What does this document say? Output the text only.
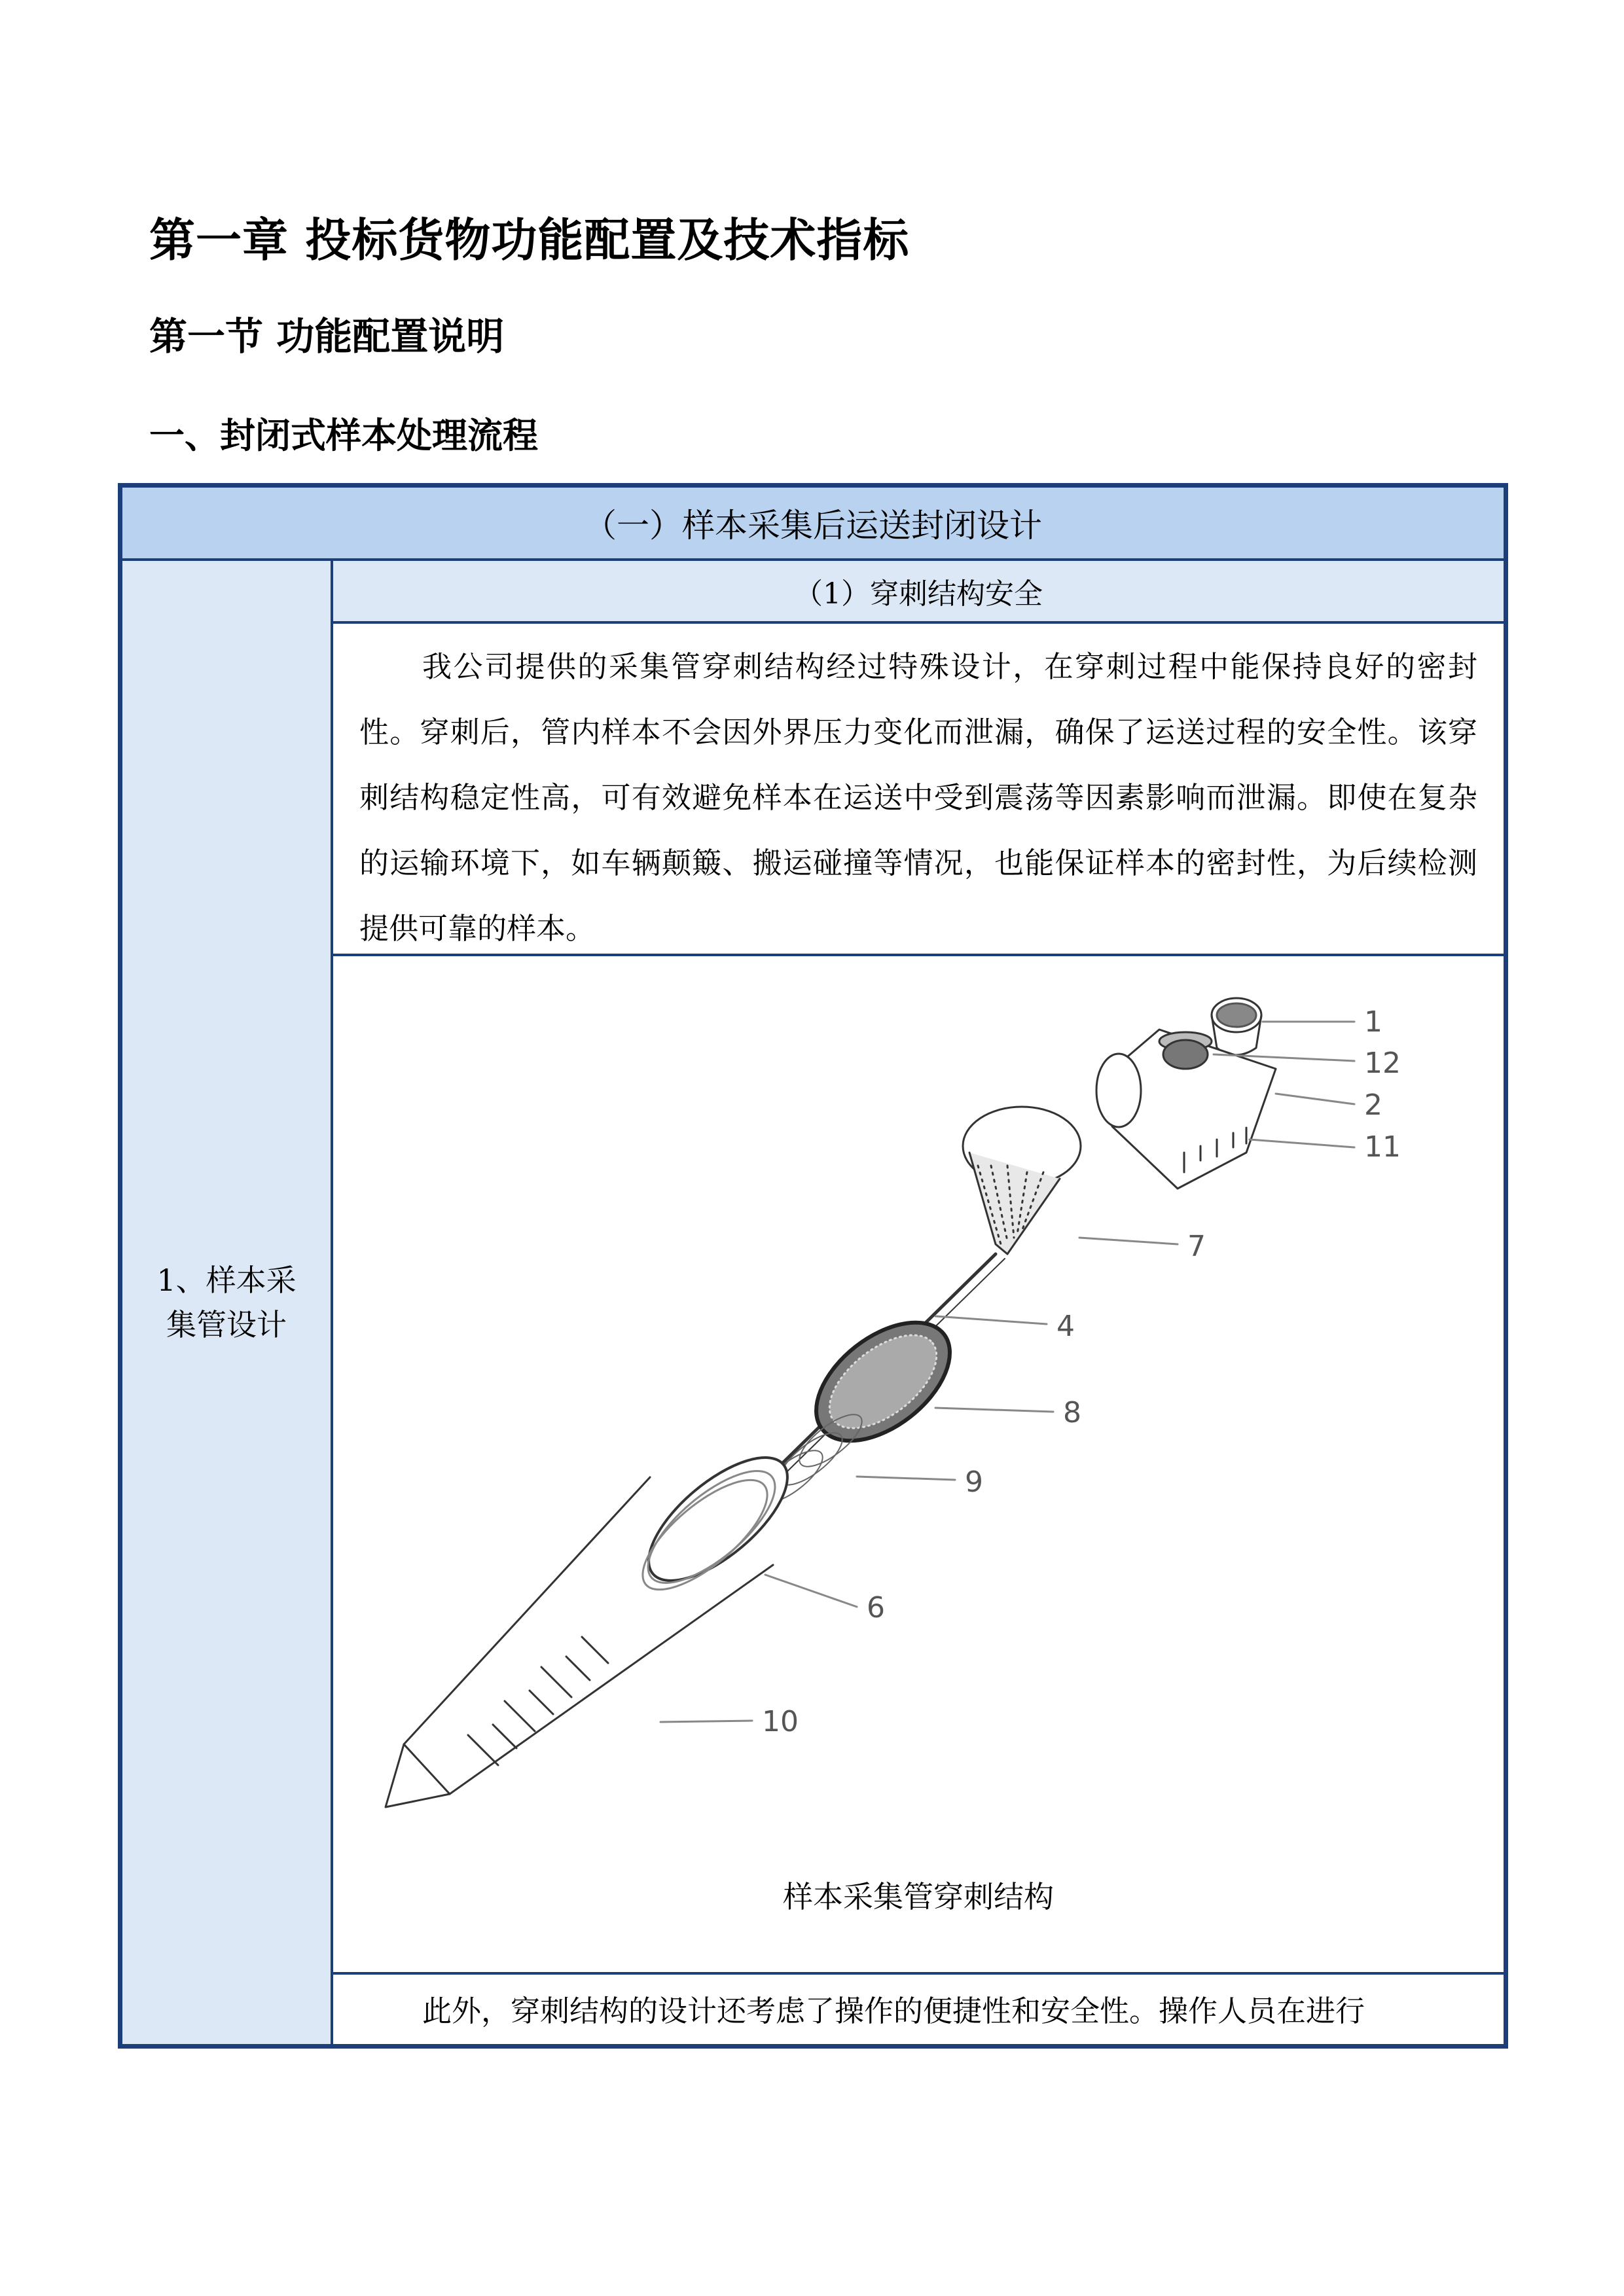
第一章 投标货物功能配置及技术指标
第一节 功能配置说明
一、封闭式样本处理流程
（一）样本采集后运送封闭设计
1、样本采集管设计
（1）穿刺结构安全
我公司提供的采集管穿刺结构经过特殊设计，在穿刺过程中能保持良好的密封性。穿刺后，管内样本不会因外界压力变化而泄漏，确保了运送过程的安全性。该穿刺结构稳定性高，可有效避免样本在运送中受到震荡等因素影响而泄漏。即使在复杂的运输环境下，如车辆颠簸、搬运碰撞等情况，也能保证样本的密封性，为后续检测提供可靠的样本。
1
12
2
11
7
4
8
9
6
10
样本采集管穿刺结构
此外，穿刺结构的设计还考虑了操作的便捷性和安全性。操作人员在进行
